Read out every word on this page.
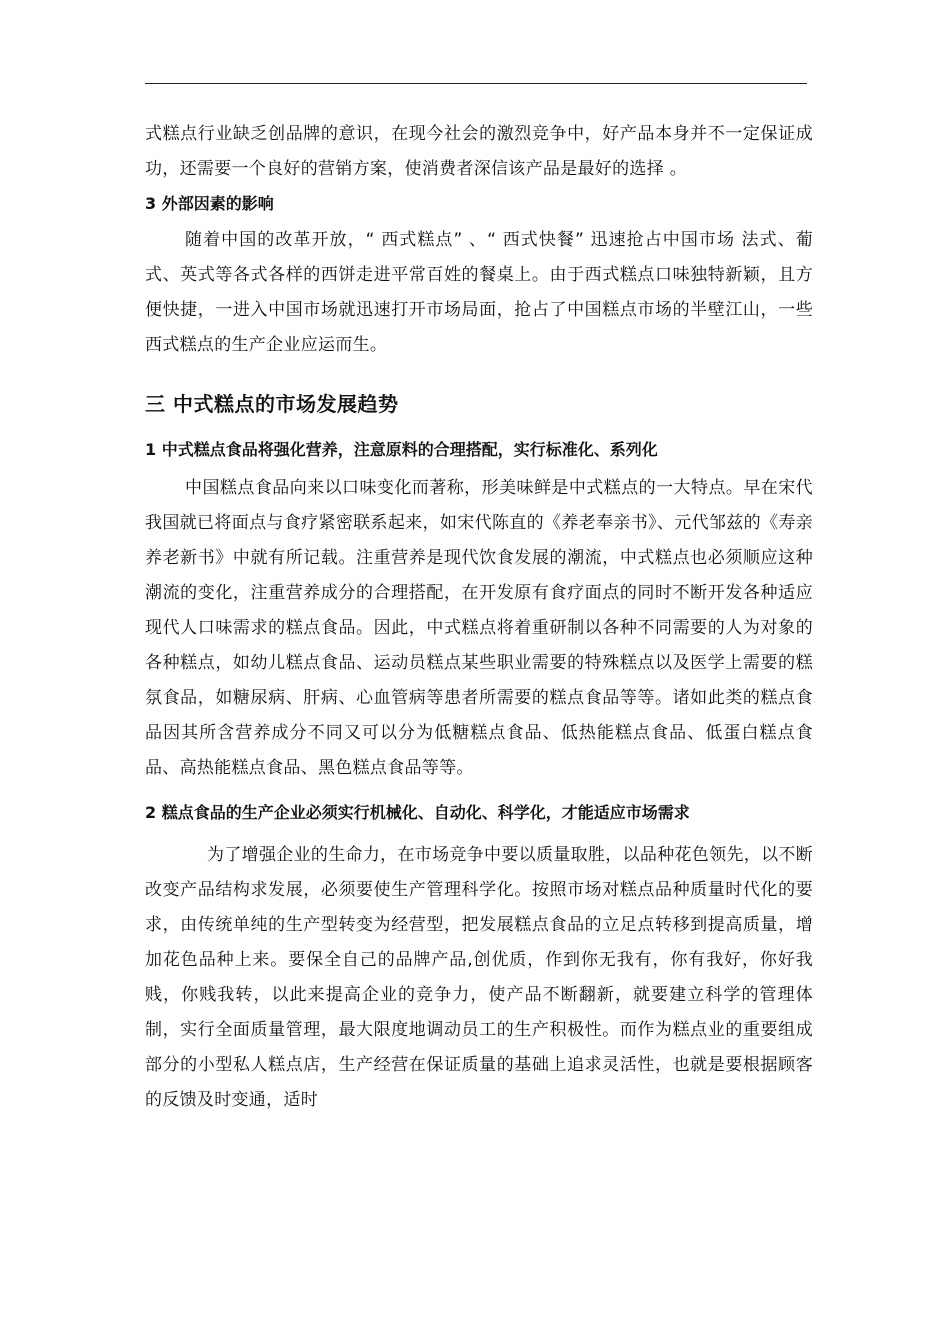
式糕点行业缺乏创品牌的意识，在现今社会的激烈竞争中，好产品本身并不一定保证成功，还需要一个良好的营销方案，使消费者深信该产品是最好的选择 。

3 外部因素的影响

随着中国的改革开放，“ 西式糕点” 、“ 西式快餐” 迅速抢占中国市场 法式、葡式、英式等各式各样的西饼走进平常百姓的餐桌上。由于西式糕点口味独特新颖，且方便快捷，一进入中国市场就迅速打开市场局面，抢占了中国糕点市场的半壁江山，一些西式糕点的生产企业应运而生。

三 中式糕点的市场发展趋势

1 中式糕点食品将强化营养，注意原料的合理搭配，实行标准化、系列化

中国糕点食品向来以口味变化而著称，形美味鲜是中式糕点的一大特点。早在宋代我国就已将面点与食疗紧密联系起来，如宋代陈直的《养老奉亲书》、元代邹兹的《寿亲养老新书》中就有所记载。注重营养是现代饮食发展的潮流，中式糕点也必须顺应这种潮流的变化，注重营养成分的合理搭配，在开发原有食疗面点的同时不断开发各种适应现代人口味需求的糕点食品。因此，中式糕点将着重研制以各种不同需要的人为对象的各种糕点，如幼儿糕点食品、运动员糕点某些职业需要的特殊糕点以及医学上需要的糕氛食品，如糖尿病、肝病、心血管病等患者所需要的糕点食品等等。诸如此类的糕点食品因其所含营养成分不同又可以分为低糖糕点食品、低热能糕点食品、低蛋白糕点食品、高热能糕点食品、黑色糕点食品等等。

2 糕点食品的生产企业必须实行机械化、自动化、科学化，才能适应市场需求

为了增强企业的生命力，在市场竞争中要以质量取胜，以品种花色领先，以不断改变产品结构求发展，必须要使生产管理科学化。按照市场对糕点品种质量时代化的要求，由传统单纯的生产型转变为经营型，把发展糕点食品的立足点转移到提高质量，增加花色品种上来。要保全自己的品牌产品,创优质，作到你无我有，你有我好，你好我贱，你贱我转，以此来提高企业的竞争力，使产品不断翻新，就要建立科学的管理体制，实行全面质量管理，最大限度地调动员工的生产积极性。而作为糕点业的重要组成部分的小型私人糕点店，生产经营在保证质量的基础上追求灵活性，也就是要根据顾客的反馈及时变通，适时
